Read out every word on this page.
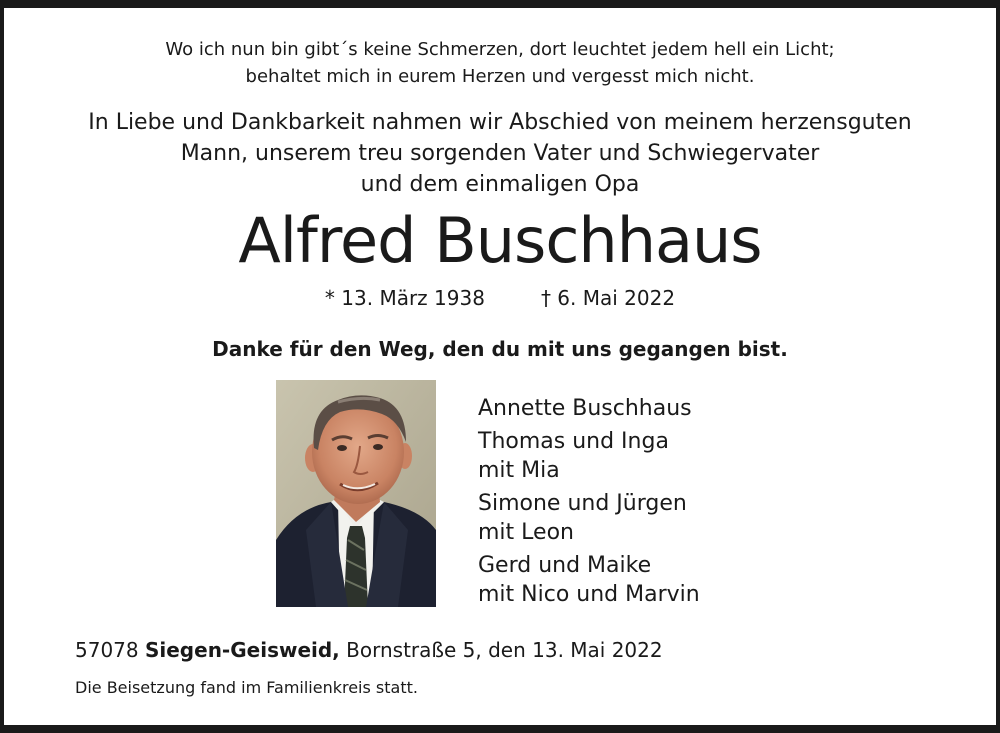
Wo ich nun bin gibt´s keine Schmerzen, dort leuchtet jedem hell ein Licht;
behaltet mich in eurem Herzen und vergesst mich nicht.
In Liebe und Dankbarkeit nahmen wir Abschied von meinem herzensguten
Mann, unserem treu sorgenden Vater und Schwiegervater
und dem einmaligen Opa
Alfred Buschhaus
* 13. März 1938	† 6. Mai 2022
Danke für den Weg, den du mit uns gegangen bist.
Annette Buschhaus
Thomas und Inga
mit Mia
Simone und Jürgen
mit Leon
Gerd und Maike
mit Nico und Marvin
57078 Siegen-Geisweid, Bornstraße 5, den 13. Mai 2022
Die Beisetzung fand im Familienkreis statt.
